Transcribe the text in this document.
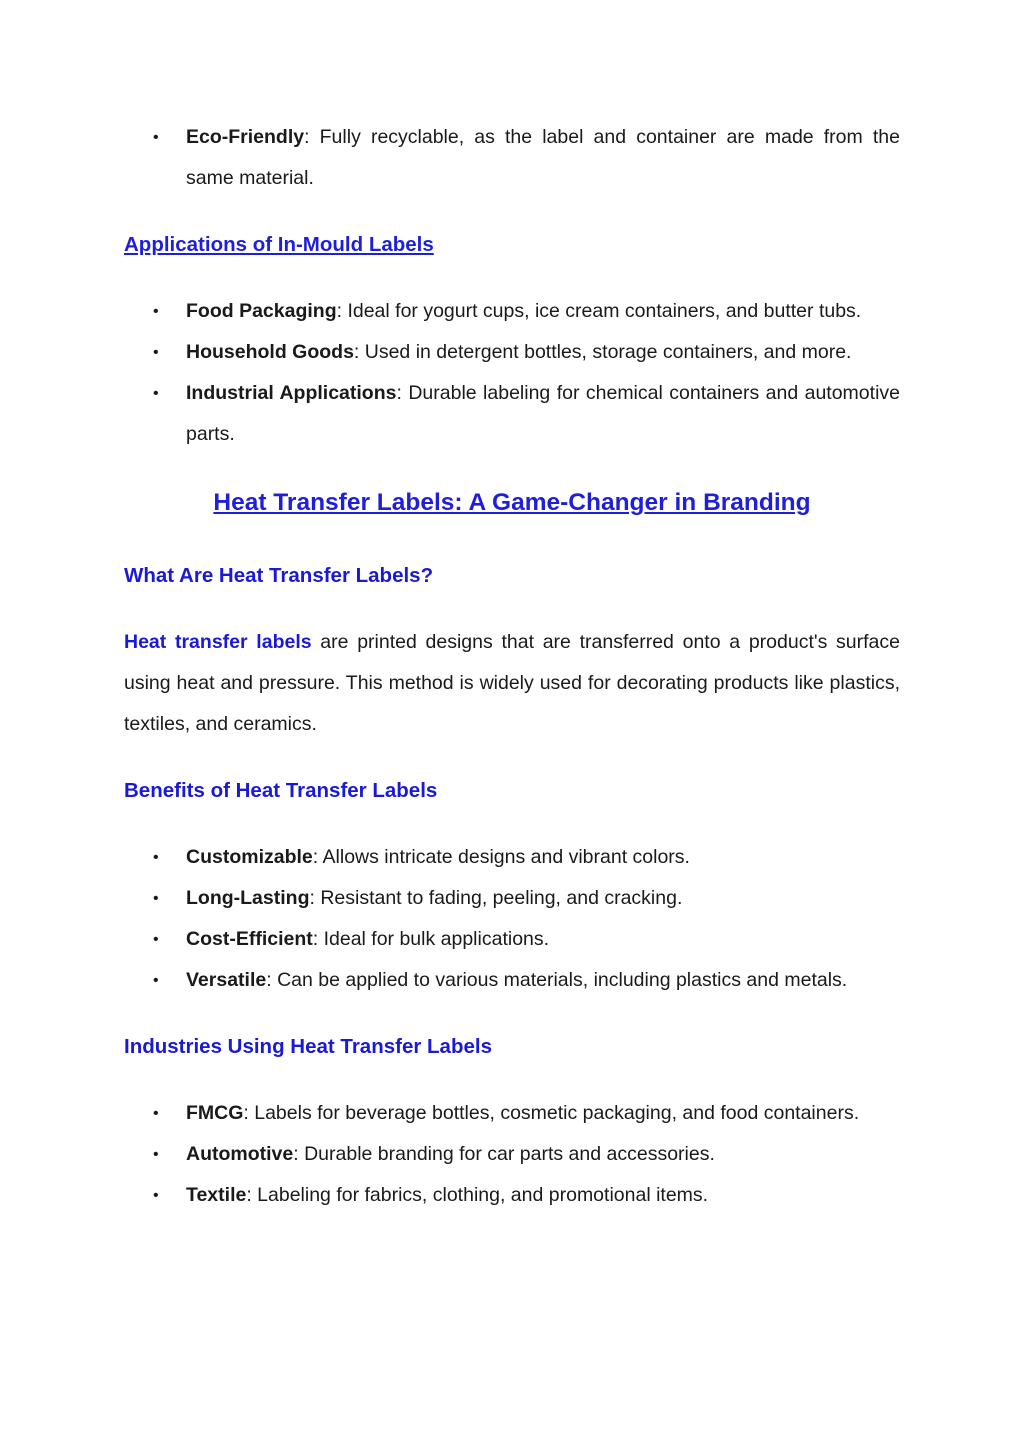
• Eco-Friendly: Fully recyclable, as the label and container are made from the same material.
Applications of In-Mould Labels
• Food Packaging: Ideal for yogurt cups, ice cream containers, and butter tubs.
• Household Goods: Used in detergent bottles, storage containers, and more.
• Industrial Applications: Durable labeling for chemical containers and automotive parts.
Heat Transfer Labels: A Game-Changer in Branding
What Are Heat Transfer Labels?
Heat transfer labels are printed designs that are transferred onto a product's surface using heat and pressure. This method is widely used for decorating products like plastics, textiles, and ceramics.
Benefits of Heat Transfer Labels
• Customizable: Allows intricate designs and vibrant colors.
• Long-Lasting: Resistant to fading, peeling, and cracking.
• Cost-Efficient: Ideal for bulk applications.
• Versatile: Can be applied to various materials, including plastics and metals.
Industries Using Heat Transfer Labels
• FMCG: Labels for beverage bottles, cosmetic packaging, and food containers.
• Automotive: Durable branding for car parts and accessories.
• Textile: Labeling for fabrics, clothing, and promotional items.
